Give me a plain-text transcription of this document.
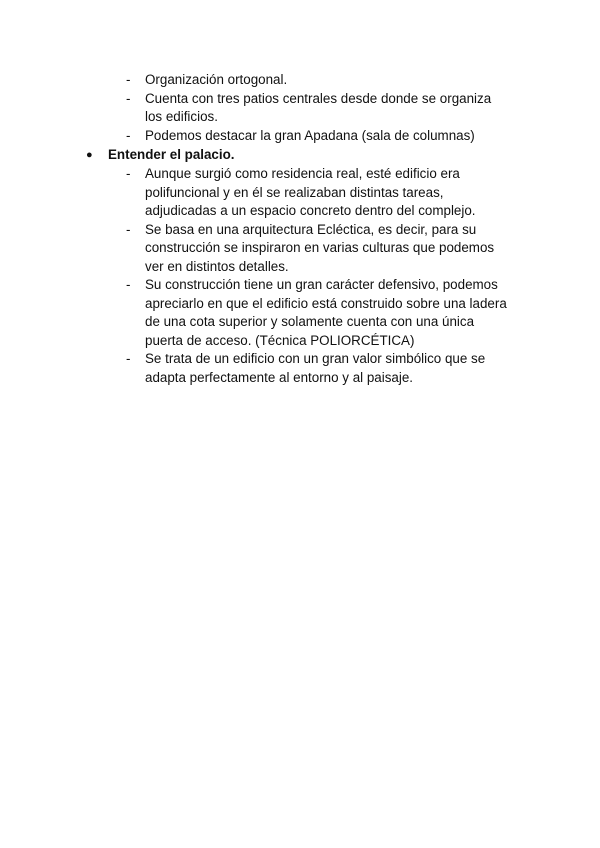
- Organización ortogonal.
- Cuenta con tres patios centrales desde donde se organiza
los edificios.
- Podemos destacar la gran Apadana (sala de columnas)
● Entender el palacio.
- Aunque surgió como residencia real, esté edificio era
polifuncional y en él se realizaban distintas tareas,
adjudicadas a un espacio concreto dentro del complejo.
- Se basa en una arquitectura Ecléctica, es decir, para su
construcción se inspiraron en varias culturas que podemos
ver en distintos detalles.
- Su construcción tiene un gran carácter defensivo, podemos
apreciarlo en que el edificio está construido sobre una ladera
de una cota superior y solamente cuenta con una única
puerta de acceso. (Técnica POLIORCÉTICA)
- Se trata de un edificio con un gran valor simbólico que se
adapta perfectamente al entorno y al paisaje.
